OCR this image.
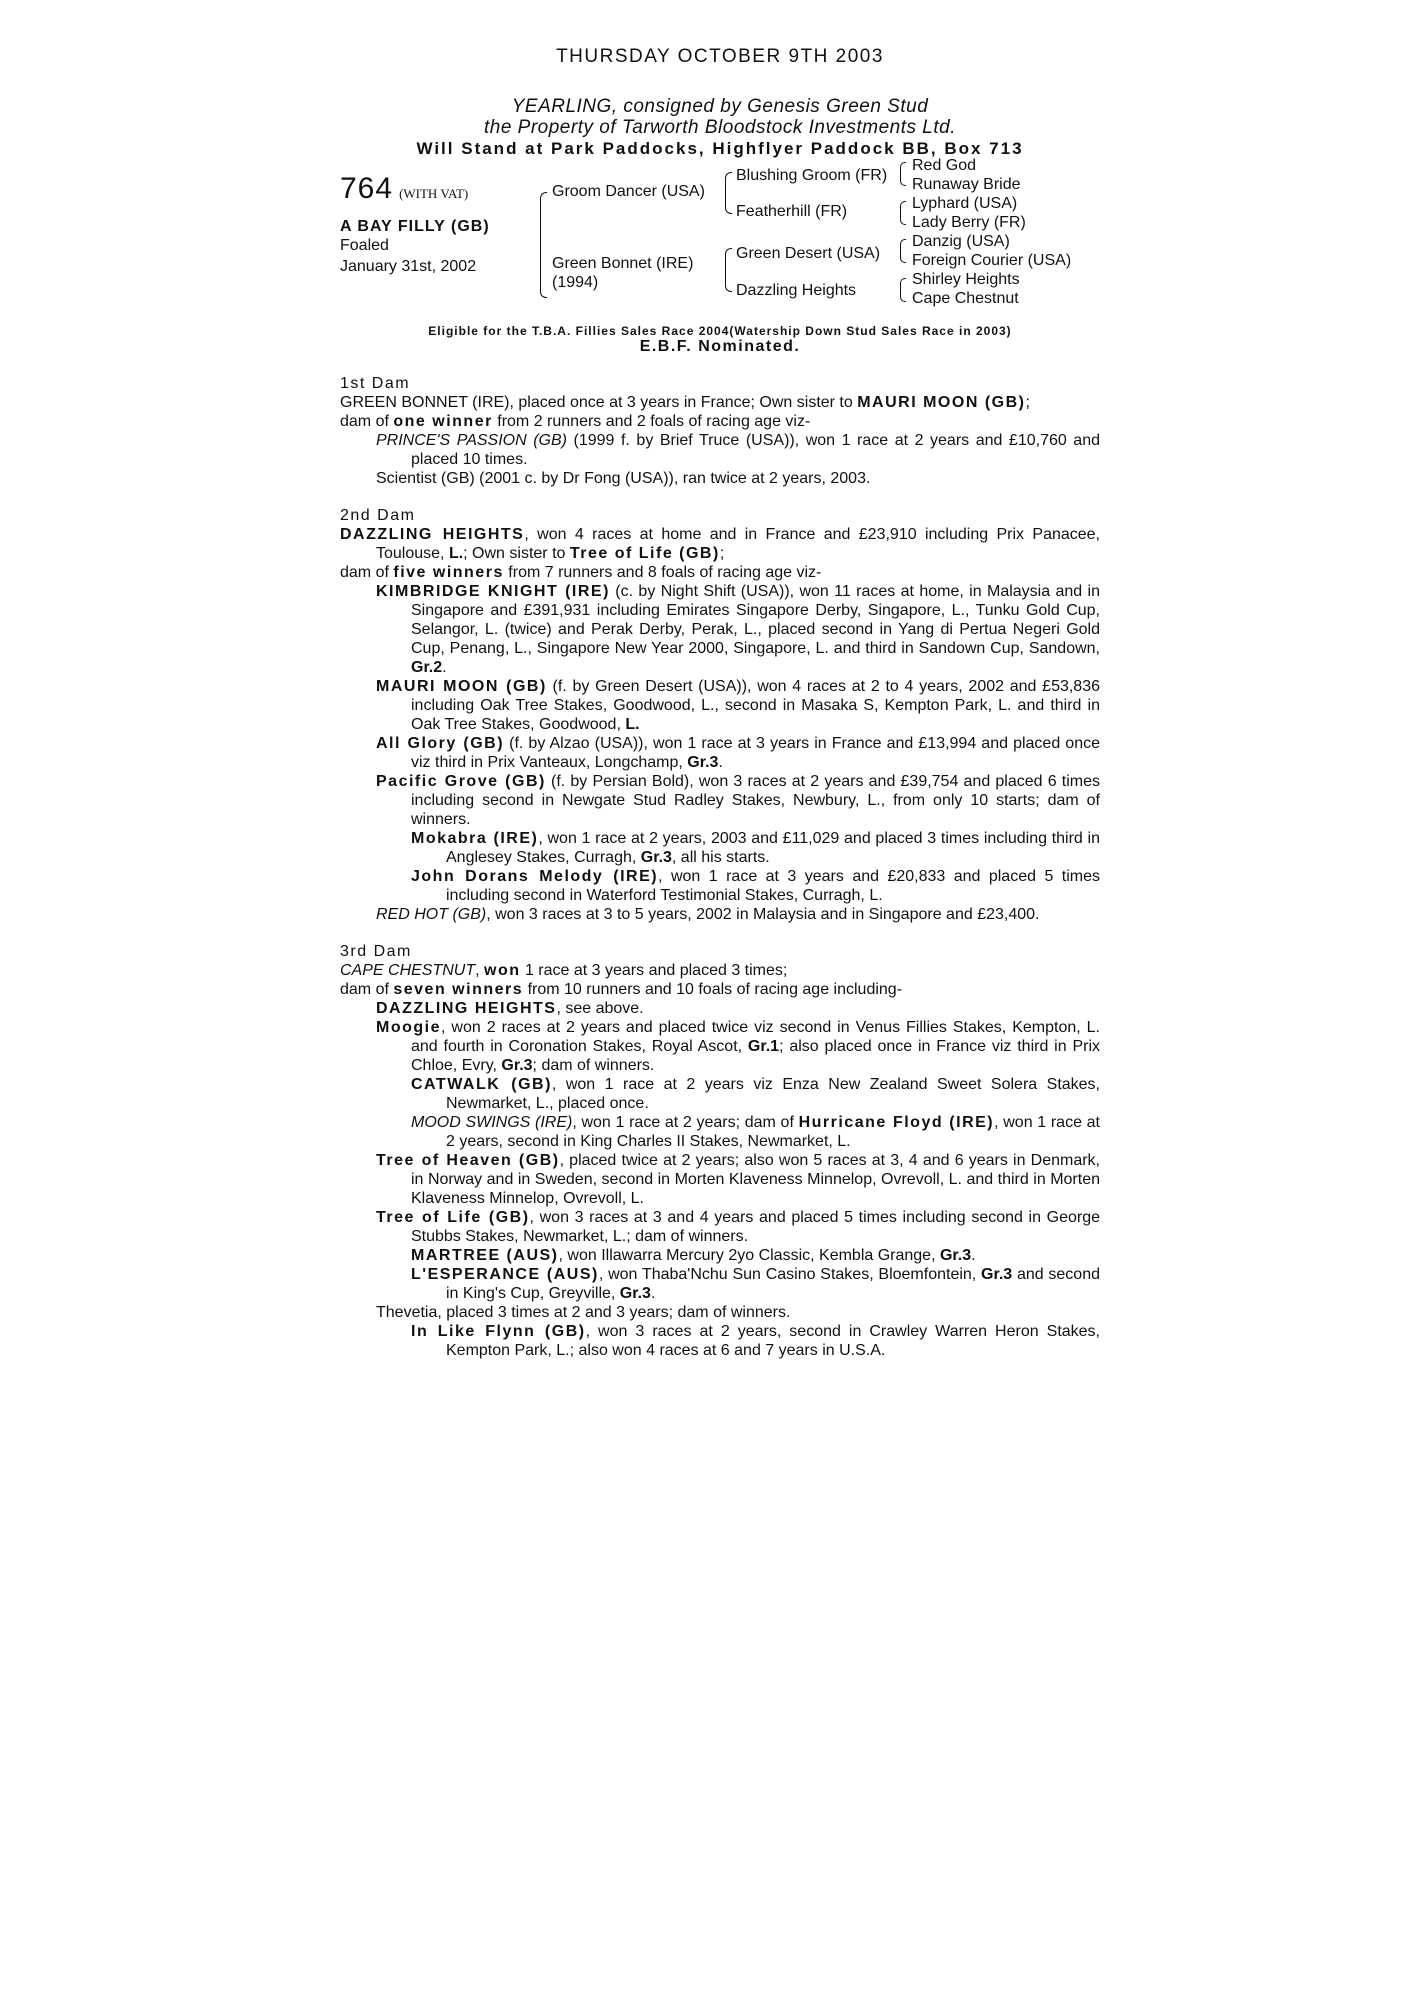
THURSDAY OCTOBER 9TH 2003
YEARLING, consigned by Genesis Green Stud
the Property of Tarworth Bloodstock Investments Ltd.
Will Stand at Park Paddocks, Highflyer Paddock BB, Box 713
764 (WITH VAT)
A BAY FILLY (GB)
Foaled
January 31st, 2002
Groom Dancer (USA)
Green Bonnet (IRE)
(1994)
Blushing Groom (FR)
Featherhill (FR)
Green Desert (USA)
Dazzling Heights
Red God
Runaway Bride
Lyphard (USA)
Lady Berry (FR)
Danzig (USA)
Foreign Courier (USA)
Shirley Heights
Cape Chestnut
Eligible for the T.B.A. Fillies Sales Race 2004(Watership Down Stud Sales Race in 2003)
E.B.F. Nominated.
1st Dam

GREEN BONNET (IRE), placed once at 3 years in France; Own sister to MAURI MOON (GB);

dam of one winner from 2 runners and 2 foals of racing age viz-

PRINCE'S PASSION (GB) (1999 f. by Brief Truce (USA)), won 1 race at 2 years and £10,760 and placed 10 times.

Scientist (GB) (2001 c. by Dr Fong (USA)), ran twice at 2 years, 2003.

2nd Dam

DAZZLING HEIGHTS, won 4 races at home and in France and £23,910 including Prix Panacee, Toulouse, L.; Own sister to Tree of Life (GB);

dam of five winners from 7 runners and 8 foals of racing age viz-

KIMBRIDGE KNIGHT (IRE) (c. by Night Shift (USA)), won 11 races at home, in Malaysia and in Singapore and £391,931 including Emirates Singapore Derby, Singapore, L., Tunku Gold Cup, Selangor, L. (twice) and Perak Derby, Perak, L., placed second in Yang di Pertua Negeri Gold Cup, Penang, L., Singapore New Year 2000, Singapore, L. and third in Sandown Cup, Sandown, Gr.2.

MAURI MOON (GB) (f. by Green Desert (USA)), won 4 races at 2 to 4 years, 2002 and £53,836 including Oak Tree Stakes, Goodwood, L., second in Masaka S, Kempton Park, L. and third in Oak Tree Stakes, Goodwood, L.

All Glory (GB) (f. by Alzao (USA)), won 1 race at 3 years in France and £13,994 and placed once viz third in Prix Vanteaux, Longchamp, Gr.3.

Pacific Grove (GB) (f. by Persian Bold), won 3 races at 2 years and £39,754 and placed 6 times including second in Newgate Stud Radley Stakes, Newbury, L., from only 10 starts; dam of winners.

Mokabra (IRE), won 1 race at 2 years, 2003 and £11,029 and placed 3 times including third in Anglesey Stakes, Curragh, Gr.3, all his starts.

John Dorans Melody (IRE), won 1 race at 3 years and £20,833 and placed 5 times including second in Waterford Testimonial Stakes, Curragh, L.

RED HOT (GB), won 3 races at 3 to 5 years, 2002 in Malaysia and in Singapore and £23,400.

3rd Dam

CAPE CHESTNUT, won 1 race at 3 years and placed 3 times;

dam of seven winners from 10 runners and 10 foals of racing age including-

DAZZLING HEIGHTS, see above.

Moogie, won 2 races at 2 years and placed twice viz second in Venus Fillies Stakes, Kempton, L. and fourth in Coronation Stakes, Royal Ascot, Gr.1; also placed once in France viz third in Prix Chloe, Evry, Gr.3; dam of winners.

CATWALK (GB), won 1 race at 2 years viz Enza New Zealand Sweet Solera Stakes, Newmarket, L., placed once.

MOOD SWINGS (IRE), won 1 race at 2 years; dam of Hurricane Floyd (IRE), won 1 race at 2 years, second in King Charles II Stakes, Newmarket, L.

Tree of Heaven (GB), placed twice at 2 years; also won 5 races at 3, 4 and 6 years in Denmark, in Norway and in Sweden, second in Morten Klaveness Minnelop, Ovrevoll, L. and third in Morten Klaveness Minnelop, Ovrevoll, L.

Tree of Life (GB), won 3 races at 3 and 4 years and placed 5 times including second in George Stubbs Stakes, Newmarket, L.; dam of winners.

MARTREE (AUS), won Illawarra Mercury 2yo Classic, Kembla Grange, Gr.3.

L'ESPERANCE (AUS), won Thaba'Nchu Sun Casino Stakes, Bloemfontein, Gr.3 and second in King's Cup, Greyville, Gr.3.

Thevetia, placed 3 times at 2 and 3 years; dam of winners.

In Like Flynn (GB), won 3 races at 2 years, second in Crawley Warren Heron Stakes, Kempton Park, L.; also won 4 races at 6 and 7 years in U.S.A.
